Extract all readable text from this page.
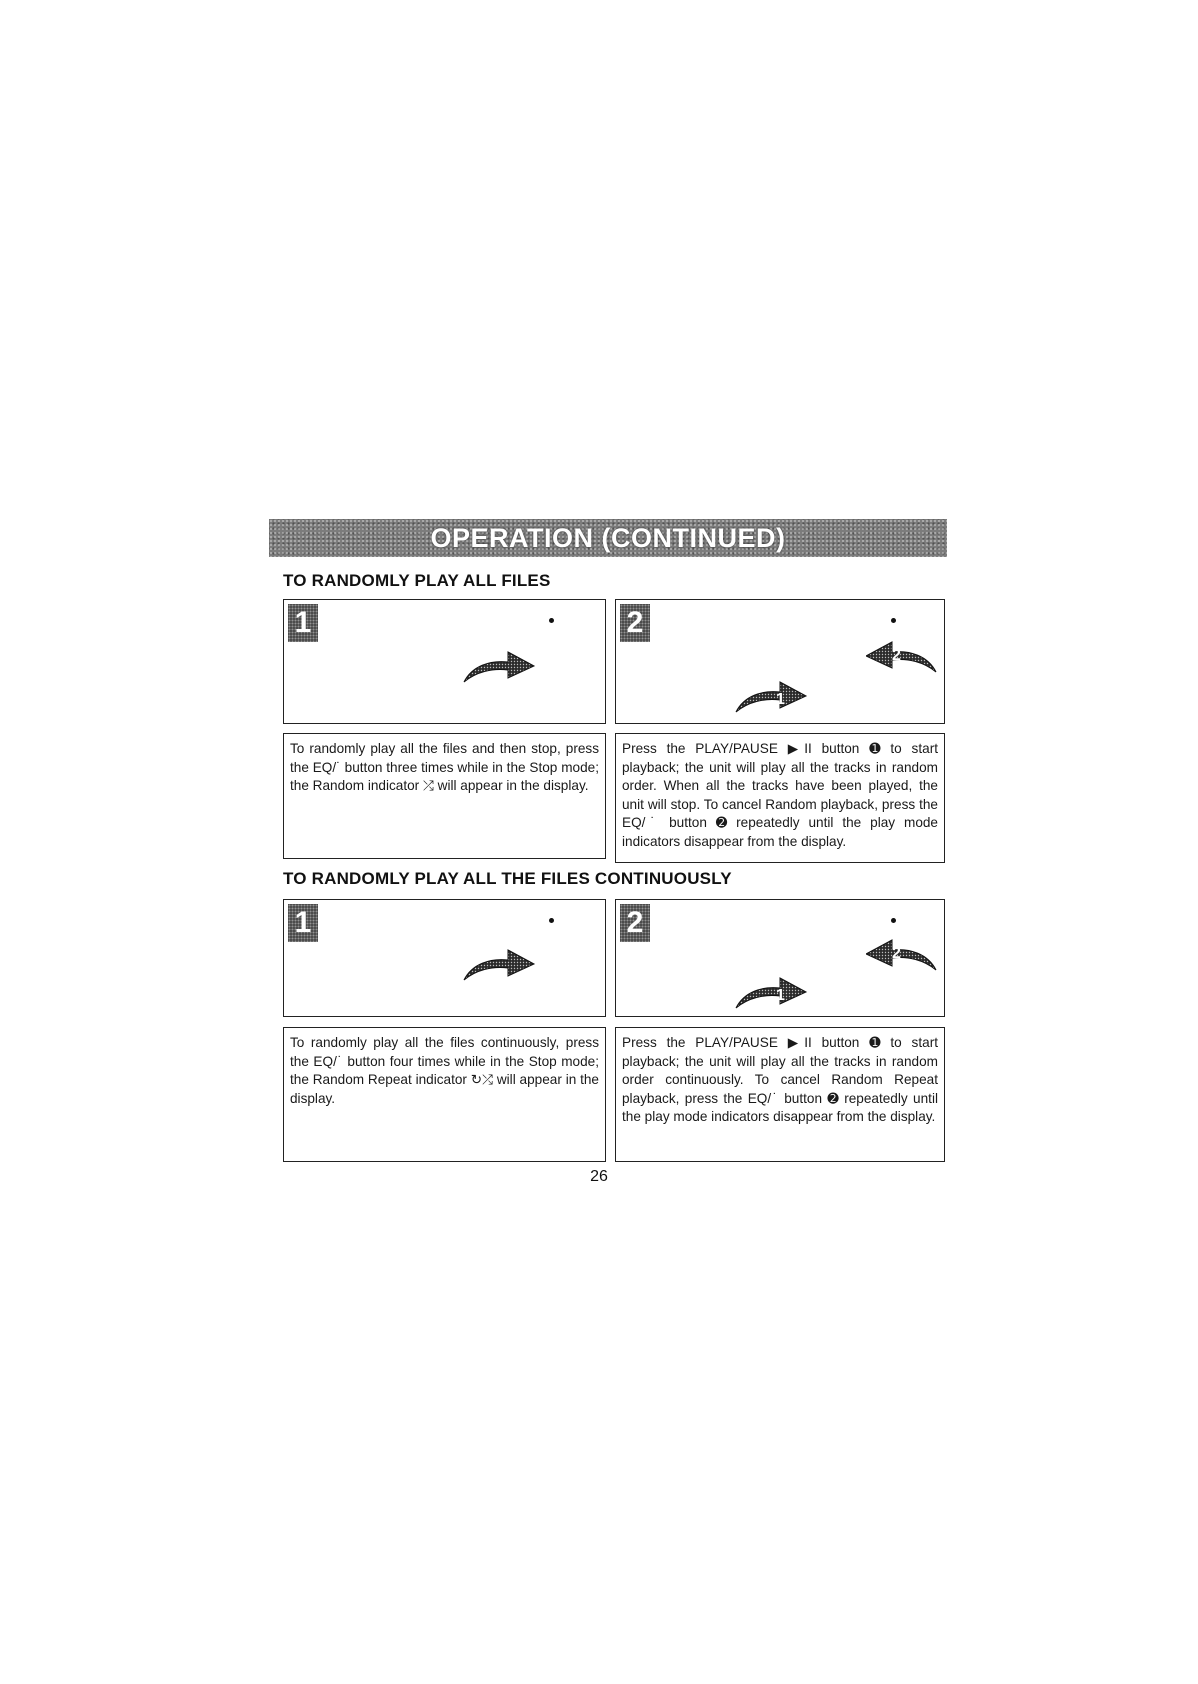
OPERATION (CONTINUED)
TO RANDOMLY PLAY ALL FILES
1	2
2
1

To randomly play all the files and then stop, press the EQ/˙ button three times while in the Stop mode; the Random indicator ⤮ will appear in the display.

Press the PLAY/PAUSE ▶II button ➊ to start playback; the unit will play all the tracks in random order. When all the tracks have been played, the unit will stop. To cancel Random playback, press the EQ/˙ button ➋ repeatedly until the play mode indicators disappear from the display.

TO RANDOMLY PLAY ALL THE FILES CONTINUOUSLY
1	2
2
1

To randomly play all the files continuously, press the EQ/˙ button four times while in the Stop mode; the Random Repeat indicator ↻⤮ will appear in the display.

Press the PLAY/PAUSE ▶II button ➊ to start playback; the unit will play all the tracks in random order continuously. To cancel Random Repeat playback, press the EQ/˙ button ➋ repeatedly until the play mode indicators disappear from the display.

26
